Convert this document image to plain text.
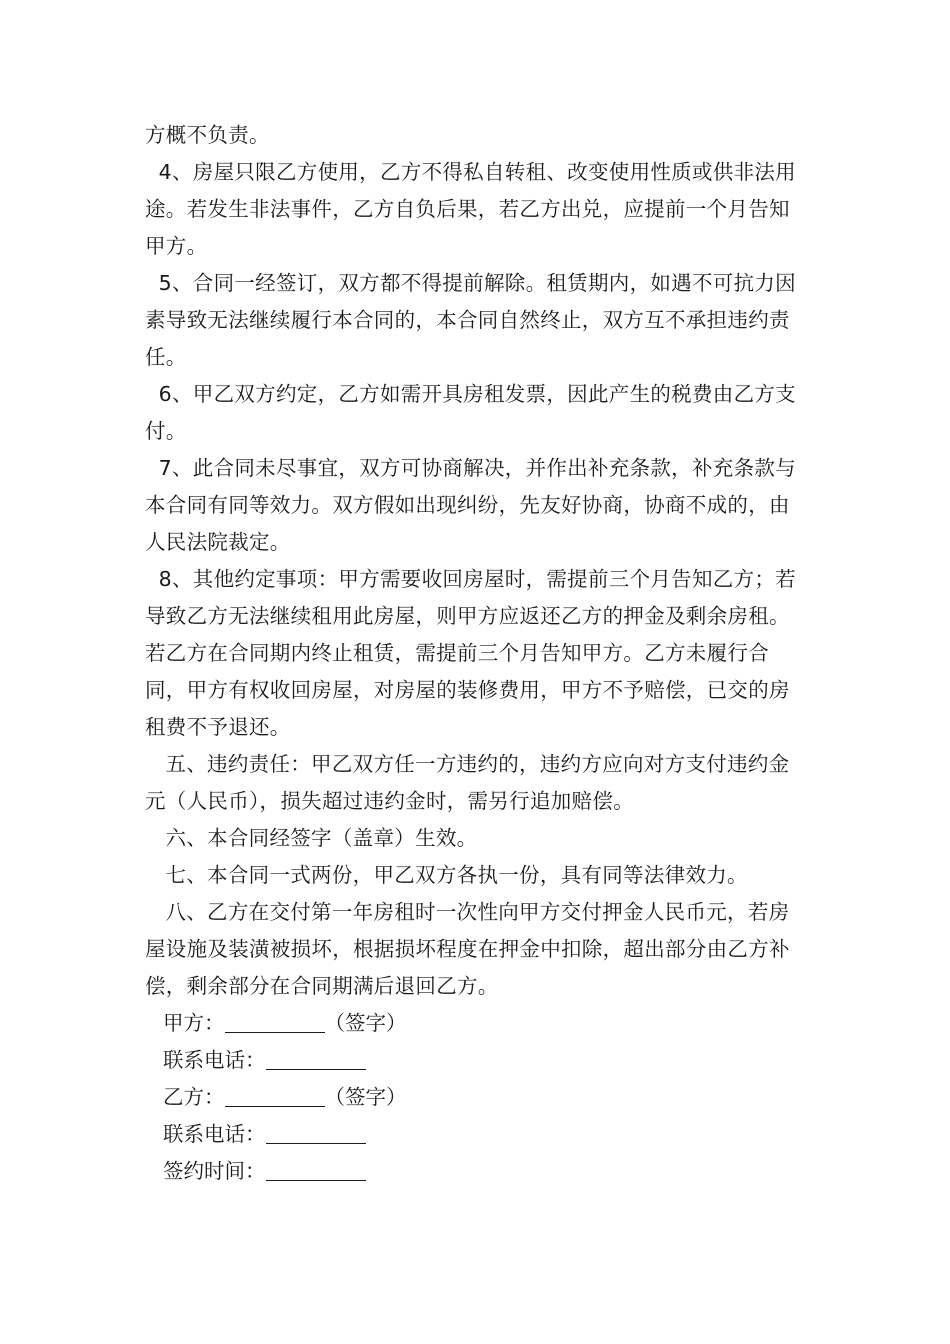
方概不负责。

4、房屋只限乙方使用，乙方不得私自转租、改变使用性质或供非法用途。若发生非法事件，乙方自负后果，若乙方出兑，应提前一个月告知甲方。

5、合同一经签订，双方都不得提前解除。租赁期内，如遇不可抗力因素导致无法继续履行本合同的，本合同自然终止，双方互不承担违约责任。

6、甲乙双方约定，乙方如需开具房租发票，因此产生的税费由乙方支付。

7、此合同未尽事宜，双方可协商解决，并作出补充条款，补充条款与本合同有同等效力。双方假如出现纠纷，先友好协商，协商不成的，由人民法院裁定。

8、其他约定事项：甲方需要收回房屋时，需提前三个月告知乙方；若导致乙方无法继续租用此房屋，则甲方应返还乙方的押金及剩余房租。若乙方在合同期内终止租赁，需提前三个月告知甲方。乙方未履行合同，甲方有权收回房屋，对房屋的装修费用，甲方不予赔偿，已交的房租费不予退还。

五、违约责任：甲乙双方任一方违约的，违约方应向对方支付违约金元（人民币），损失超过违约金时，需另行追加赔偿。

六、本合同经签字（盖章）生效。

七、本合同一式两份，甲乙双方各执一份，具有同等法律效力。

八、乙方在交付第一年房租时一次性向甲方交付押金人民币元，若房屋设施及装潢被损坏，根据损坏程度在押金中扣除，超出部分由乙方补偿，剩余部分在合同期满后退回乙方。

甲方：	（签字）
联系电话：
乙方：	（签字）
联系电话：
签约时间：
